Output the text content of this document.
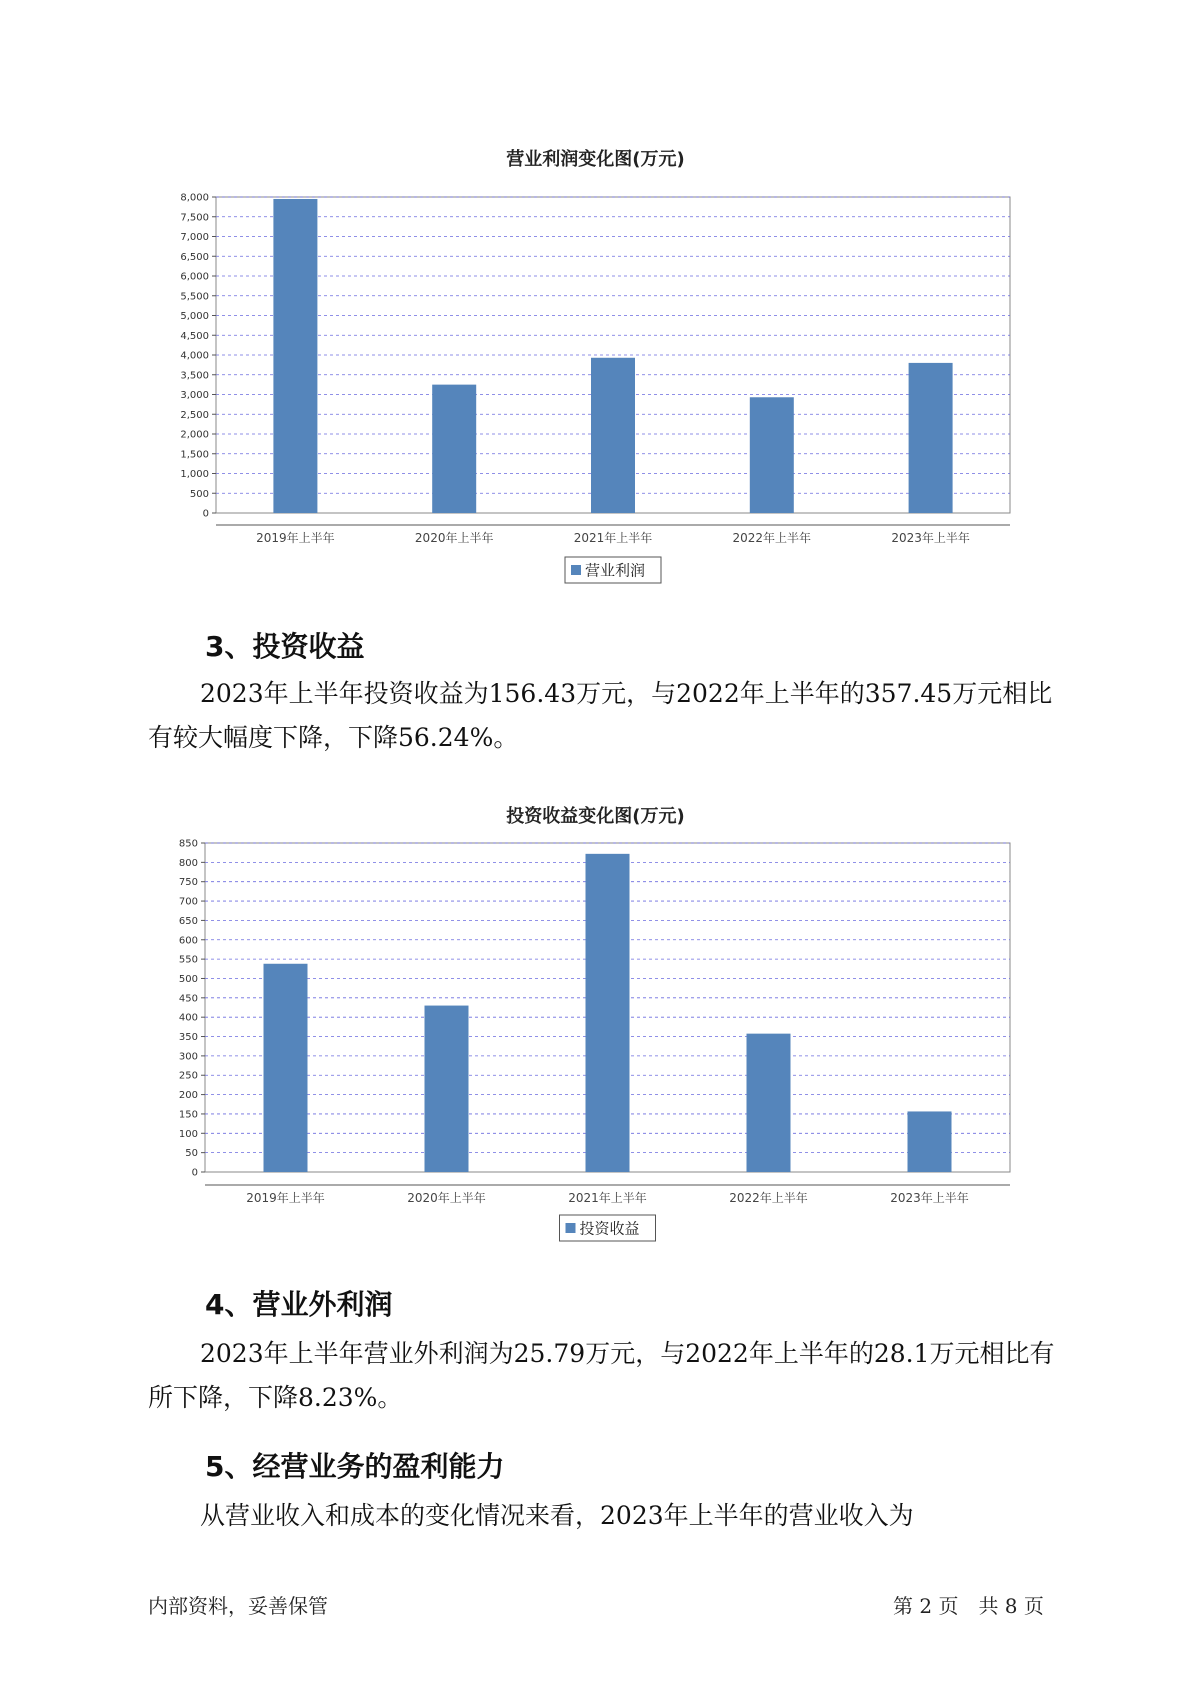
营业利润变化图(万元)
0
500
1,000
1,500
2,000
2,500
3,000
3,500
4,000
4,500
5,000
5,500
6,000
6,500
7,000
7,500
8,000
2019年上半年	2020年上半年	2021年上半年	2022年上半年	2023年上半年
营业利润
3、投资收益

2023年上半年投资收益为156.43万元，与2022年上半年的357.45万元相比有较大幅度下降，下降56.24%。

投资收益变化图(万元)
0
50
100
150
200
250
300
350
400
450
500
550
600
650
700
750
800
850
2019年上半年	2020年上半年	2021年上半年	2022年上半年	2023年上半年
投资收益
4、营业外利润

2023年上半年营业外利润为25.79万元，与2022年上半年的28.1万元相比有所下降，下降8.23%。

5、经营业务的盈利能力

从营业收入和成本的变化情况来看，2023年上半年的营业收入为

内部资料，妥善保管	第 2 页　共 8 页
